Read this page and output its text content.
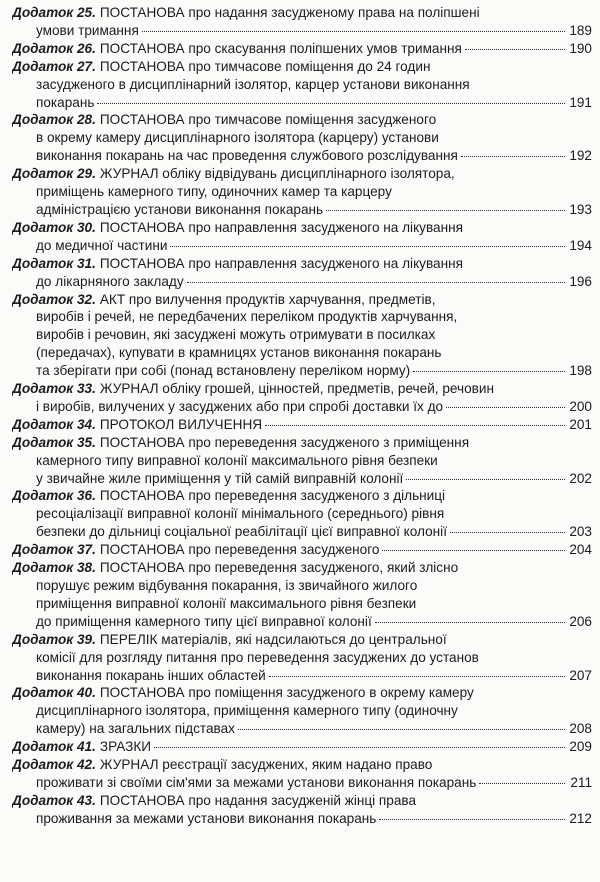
Додаток 25. ПОСТАНОВА про надання засудженому права на поліпшені
умови тримання	189
Додаток 26. ПОСТАНОВА про скасування поліпшених умов тримання	190
Додаток 27. ПОСТАНОВА про тимчасове поміщення до 24 годин
засудженого в дисциплінарний ізолятор, карцер установи виконання
покарань	191
Додаток 28. ПОСТАНОВА про тимчасове поміщення засудженого
в окрему камеру дисциплінарного ізолятора (карцеру) установи
виконання покарань на час проведення службового розслідування	192
Додаток 29. ЖУРНАЛ обліку відвідувань дисциплінарного ізолятора,
приміщень камерного типу, одиночних камер та карцеру
адміністрацією установи виконання покарань	193
Додаток 30. ПОСТАНОВА про направлення засудженого на лікування
до медичної частини	194
Додаток 31. ПОСТАНОВА про направлення засудженого на лікування
до лікарняного закладу	196
Додаток 32. АКТ про вилучення продуктів харчування, предметів,
виробів і речей, не передбачених переліком продуктів харчування,
виробів і речовин, які засуджені можуть отримувати в посилках
(передачах), купувати в крамницях установ виконання покарань
та зберігати при собі (понад встановлену переліком норму)	198
Додаток 33. ЖУРНАЛ обліку грошей, цінностей, предметів, речей, речовин
і виробів, вилучених у засуджених або при спробі доставки їх до	200
Додаток 34. ПРОТОКОЛ ВИЛУЧЕННЯ	201
Додаток 35. ПОСТАНОВА про переведення засудженого з приміщення
камерного типу виправної колонії максимального рівня безпеки
у звичайне жиле приміщення у тій самій виправній колонії	202
Додаток 36. ПОСТАНОВА про переведення засудженого з дільниці
ресоціалізації виправної колонії мінімального (середнього) рівня
безпеки до дільниці соціальної реабілітації цієї виправної колонії	203
Додаток 37. ПОСТАНОВА про переведення засудженого	204
Додаток 38. ПОСТАНОВА про переведення засудженого, який злісно
порушує режим відбування покарання, із звичайного жилого
приміщення виправної колонії максимального рівня безпеки
до приміщення камерного типу цієї виправної колонії	206
Додаток 39. ПЕРЕЛІК матеріалів, які надсилаються до центральної
комісії для розгляду питання про переведення засуджених до установ
виконання покарань інших областей	207
Додаток 40. ПОСТАНОВА про поміщення засудженого в окрему камеру
дисциплінарного ізолятора, приміщення камерного типу (одиночну
камеру) на загальних підставах	208
Додаток 41. ЗРАЗКИ	209
Додаток 42. ЖУРНАЛ реєстрації засуджених, яким надано право
проживати зі своїми сім'ями за межами установи виконання покарань	211
Додаток 43. ПОСТАНОВА про надання засудженій жінці права
проживання за межами установи виконання покарань	212
